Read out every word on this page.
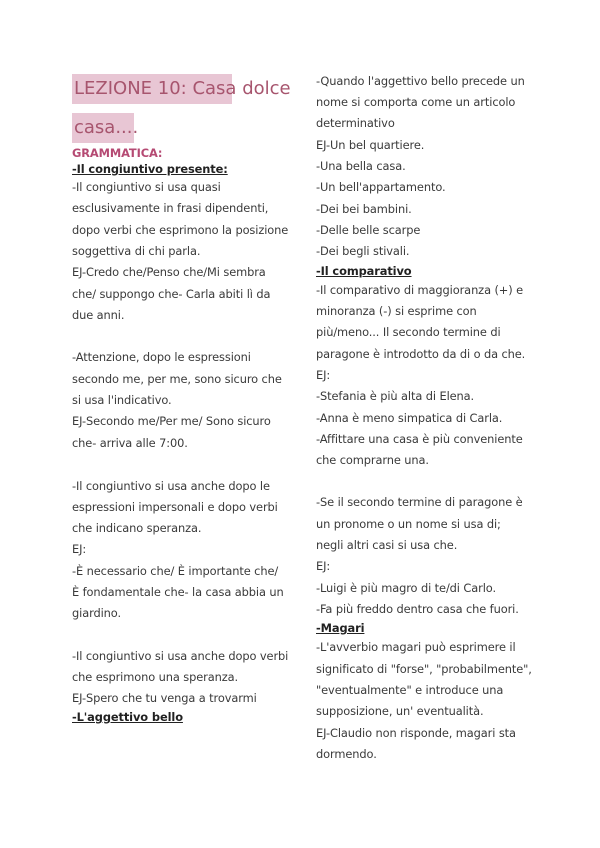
LEZIONE 10: Casa dolce
casa....
GRAMMATICA:
-Il congiuntivo presente:
-Il congiuntivo si usa quasi
esclusivamente in frasi dipendenti,
dopo verbi che esprimono la posizione
soggettiva di chi parla.
EJ-Credo che/Penso che/Mi sembra
che/ suppongo che- Carla abiti lì da
due anni.
-Attenzione, dopo le espressioni
secondo me, per me, sono sicuro che
si usa l'indicativo.
EJ-Secondo me/Per me/ Sono sicuro
che- arriva alle 7:00.
-Il congiuntivo si usa anche dopo le
espressioni impersonali e dopo verbi
che indicano speranza.
EJ:
-È necessario che/ È importante che/
È fondamentale che- la casa abbia un
giardino.
-Il congiuntivo si usa anche dopo verbi
che esprimono una speranza.
EJ-Spero che tu venga a trovarmi
-L'aggettivo bello
-Quando l'aggettivo bello precede un
nome si comporta come un articolo
determinativo
EJ-Un bel quartiere.
-Una bella casa.
-Un bell'appartamento.
-Dei bei bambini.
-Delle belle scarpe
-Dei begli stivali.
-Il comparativo
-Il comparativo di maggioranza (+) e
minoranza (-) si esprime con
più/meno... Il secondo termine di
paragone è introdotto da di o da che.
EJ:
-Stefania è più alta di Elena.
-Anna è meno simpatica di Carla.
-Affittare una casa è più conveniente
che comprarne una.
-Se il secondo termine di paragone è
un pronome o un nome si usa di;
negli altri casi si usa che.
EJ:
-Luigi è più magro di te/di Carlo.
-Fa più freddo dentro casa che fuori.
-Magari
-L'avverbio magari può esprimere il
significato di "forse", "probabilmente",
"eventualmente" e introduce una
supposizione, un' eventualità.
EJ-Claudio non risponde, magari sta
dormendo.
